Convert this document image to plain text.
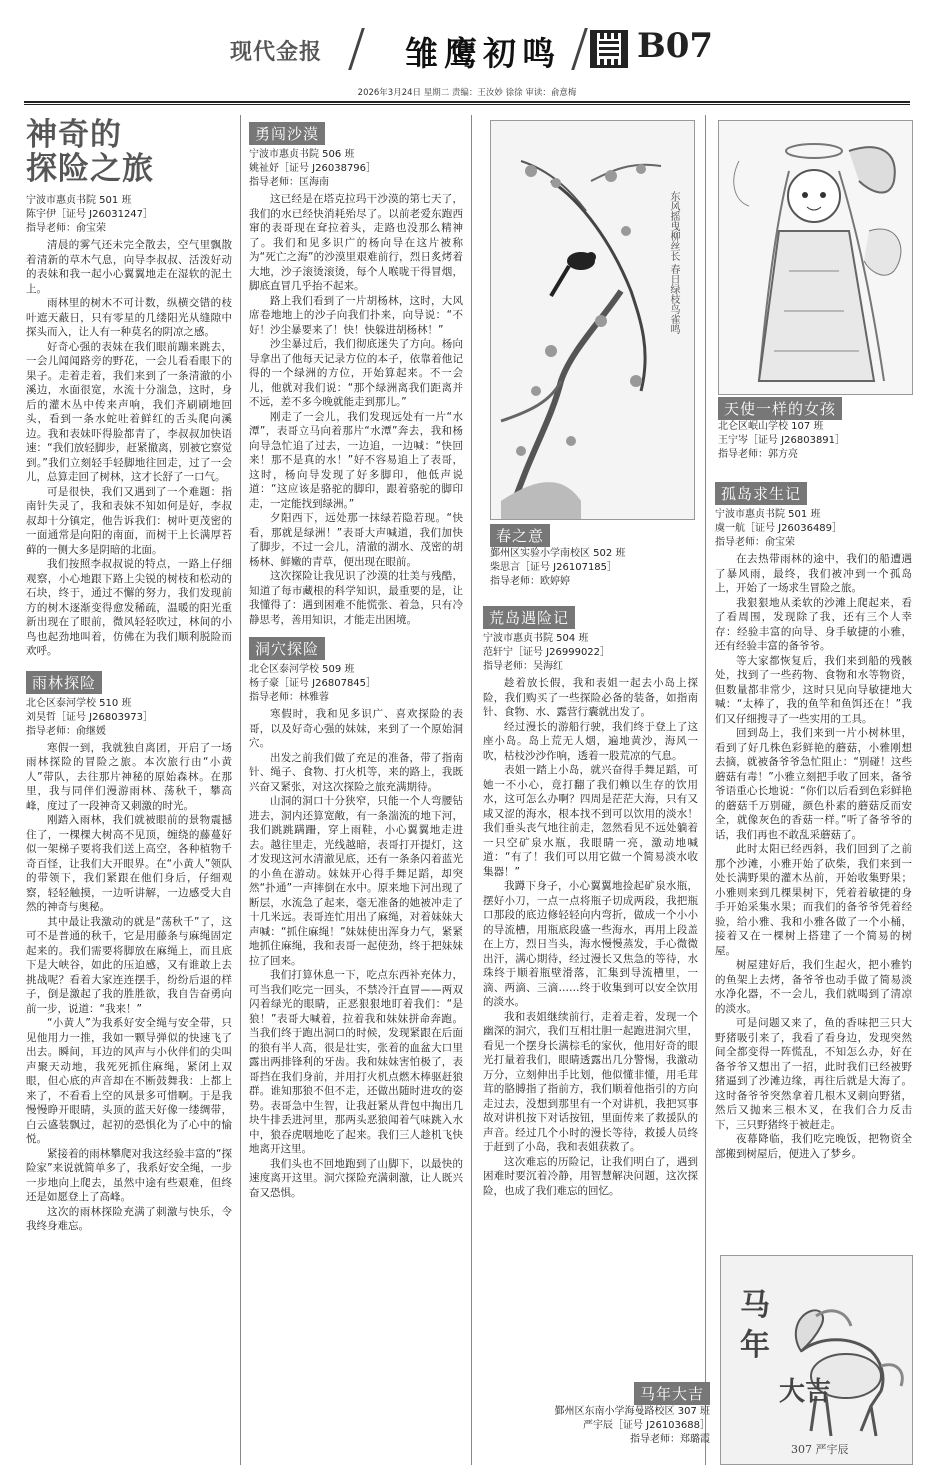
现代金报	雏鹰初鸣 B07
2026年3月24日 星期二 责编：王汝妙 徐徐 审读：俞意梅
神奇的
探险之旅
宁波市惠贞书院 501 班
陈宇伊［证号 J26031247］
指导老师：俞宝荣

清晨的雾气还未完全散去，空气里飘散着清新的草木气息，向导李叔叔、活泼好动的表妹和我一起小心翼翼地走在湿软的泥土上。

雨林里的树木不可计数，纵横交错的枝叶遮天蔽日，只有零星的几缕阳光从缝隙中探头而入，让人有一种莫名的阴凉之感。

好奇心强的表妹在我们眼前蹦来跳去，一会儿闻闻路旁的野花，一会儿看看眼下的果子。走着走着，我们来到了一条清澈的小溪边，水面很宽，水流十分湍急，这时，身后的灌木丛中传来声响，我们齐刷刷地回头，看到一条水蛇吐着鲜红的舌头爬向溪边。我和表妹吓得脸都青了，李叔叔加快语速：“我们放轻脚步，赶紧撤离，别被它察觉到。”我们立刻轻手轻脚地往回走，过了一会儿，总算走回了树林，这才长舒了一口气。

可是很快，我们又遇到了一个难题：指南针失灵了，我和表妹不知如何是好，李叔叔却十分镇定，他告诉我们：树叶更茂密的一面通常是向阳的南面，而树干上长满厚苔藓的一侧大多是阴暗的北面。

我们按照李叔叔说的特点，一路上仔细观察，小心地跟下路上尖锐的树枝和松动的石块，终于，通过不懈的努力，我们发现前方的树木逐渐变得愈发稀疏，温暖的阳光重新出现在了眼前，微风轻轻吹过，林间的小鸟也起劲地叫着，仿佛在为我们顺利脱险而欢呼。

雨林探险
北仑区泰河学校 510 班
刘昊哲［证号 J26803973］
指导老师：俞继媛

寒假一到，我就独自离团，开启了一场雨林探险的冒险之旅。本次旅行由“小黄人”带队，去往那片神秘的原始森林。在那里，我与同伴们漫游雨林、荡秋千，攀高峰，度过了一段神奇又刺激的时光。

刚踏入雨林，我们就被眼前的景物震撼住了，一棵棵大树高不见顶，缠绕的藤蔓好似一架梯子要将我们送上高空，各种植物千奇百怪，让我们大开眼界。在“小黄人”领队的带领下，我们紧跟在他们身后，仔细观察，轻轻触摸，一边听讲解，一边感受大自然的神奇与奥秘。

其中最让我激动的就是“荡秋千”了，这可不是普通的秋千，它是用藤条与麻绳固定起来的。我们需要将脚放在麻绳上，而且底下是大峡谷，如此的压迫感，又有谁敢上去挑战呢？看着大家连连摆手，纷纷后退的样子，倒是激起了我的胜胜欲，我自告奋勇向前一步，说道：“我来！”

“小黄人”为我系好安全绳与安全带，只见他用力一推，我如一颗导弹似的快速飞了出去。瞬间，耳边的风声与小伙伴们的尖叫声聚天动地，我死死抓住麻绳，紧闭上双眼，但心底的声音却在不断鼓舞我：上都上来了，不看看上空的风景多可惜啊。于是我慢慢睁开眼睛，头顶的蓝天好像一缕绸带，白云盛装飘过，起初的恐惧化为了心中的愉悦。

紧接着的雨林攀爬对我这经验丰富的“探险家”来说就简单多了，我系好安全绳，一步一步地向上爬去，虽然中途有些艰难，但终还是如愿登上了高峰。

这次的雨林探险充满了刺激与快乐，令我终身难忘。

勇闯沙漠
宁波市惠贞书院 506 班
姚祉妤［证号 J26038796］
指导老师：匡海南

这已经是在塔克拉玛干沙漠的第七天了，我们的水已经快消耗殆尽了。以前老爱东跑西窜的表哥现在耷拉着头，走路也没那么精神了。我们和见多识广的杨向导在这片被称为“死亡之海”的沙漠里艰难前行，烈日炙烤着大地，沙子滚烫滚烫，每个人喉咙干得冒烟，脚底直冒几乎抬不起来。

路上我们看到了一片胡杨林，这时，大风席卷地地上的沙子向我们扑来，向导说：“不好！沙尘暴要来了！快！快躲进胡杨林！”

沙尘暴过后，我们彻底迷失了方向。杨向导拿出了他每天记录方位的本子，依靠着他记得的一个绿洲的方位，开始算起来。不一会儿，他就对我们说：“那个绿洲离我们距离并不远，差不多今晚就能走到那儿。”

刚走了一会儿，我们发现远处有一片“水潭”，表哥立马向着那片“水潭”奔去，我和杨向导急忙追了过去，一边追，一边喊：“快回来！那不是真的水！”好不容易追上了表哥，这时，杨向导发现了好多脚印，他低声说道：“这应该是骆驼的脚印，跟着骆驼的脚印走，一定能找到绿洲。”

夕阳西下，远处那一抹绿若隐若现。“快看，那就是绿洲！”表哥大声喊道，我们加快了脚步，不过一会儿，清澈的湖水、茂密的胡杨林、鲜嫩的青草，便出现在眼前。

这次探险让我见识了沙漠的壮美与残酷，知道了每市藏根的科学知识，最重要的是，让我懂得了：遇到困难不能慌张、着急，只有冷静思考，善用知识，才能走出困境。

洞穴探险
北仑区泰河学校 509 班
杨子豪［证号 J26807845］
指导老师：林雅蓉

寒假时，我和见多识广、喜欢探险的表哥，以及好奇心强的妹妹，来到了一个原始洞穴。

出发之前我们做了充足的准备，带了指南针、绳子、食物、打火机等，来的路上，我既兴奋又紧张，对这次探险之旅充满期待。

山洞的洞口十分狭窄，只能一个人弯腰钻进去，洞内还算宽敞，有一条湍流的地下河，我们跳跳蹒跚，穿上雨鞋，小心翼翼地走进去。越往里走，光线越暗，表哥打开提灯，这才发现这河水清澈见底，还有一条条闪着蓝光的小鱼在游动。妹妹开心得手舞足蹈，却突然“扑通”一声摔倒在水中。原来地下河出现了断层，水流急了起来，毫无准备的她被冲走了十几米远。表哥连忙用出了麻绳，对着妹妹大声喊：“抓住麻绳！”妹妹使出浑身力气，紧紧地抓住麻绳，我和表哥一起使劲，终于把妹妹拉了回来。

我们打算休息一下，吃点东西补充体力，可当我们吃完一回头，不禁冷汗直冒——两双闪着绿光的眼睛，正恶狠狠地盯着我们：“是狼！”表哥大喊着，拉着我和妹妹拼命奔跑。当我们终于跑出洞口的时候，发现紧跟在后面的狼有半人高，很是壮实，张着的血盆大口里露出两排锋利的牙齿。我和妹妹害怕极了，表哥挡在我们身前，并用打火机点燃木棒驱赶狼群。谁知那狼不但不走，还做出随时进攻的姿势。表哥急中生智，让我赶紧从背包中掏出几块牛排丢进河里，那两头恶狼闻着气味跳入水中，狼吞虎咽地吃了起来。我们三人趁机飞快地离开这里。

我们头也不回地跑到了山脚下，以最快的速度离开这里。洞穴探险充满刺激，让人既兴奋又恐惧。

东风摇曳柳丝长 春日绿枝鸟雀鸣
春之意
鄞州区实验小学南校区 502 班
柴思言［证号 J26107185］
指导老师：欧婷婷
荒岛遇险记
宁波市惠贞书院 504 班
范轩宁［证号 J26999022］
指导老师：吴海红

趁着放长假，我和表姐一起去小岛上探险，我们购买了一些探险必备的装备，如指南针、食物、水、露营行囊就出发了。

经过漫长的游船行驶，我们终于登上了这座小岛。岛上荒无人烟，遍地黄沙，海风一吹，枯枝沙沙作响，透着一股荒凉的气息。

表姐一踏上小岛，就兴奋得手舞足蹈，可她一不小心，竟打翻了我们赖以生存的饮用水，这可怎么办啊？四周是茫茫大海，只有又咸又涩的海水，根本找不到可以饮用的淡水！我们垂头丧气地往前走，忽然看见不远处躺着一只空矿泉水瓶，我眼睛一亮，激动地喊道：“有了！我们可以用它做一个简易淡水收集器！”

我蹲下身子，小心翼翼地捡起矿泉水瓶，摆好小刀，一点一点将瓶子切成两段，我把瓶口那段的底边修轻轻向内弯折，做成一个小小的导流槽，用瓶底段盛一些海水，再用上段盖在上方，烈日当头，海水慢慢蒸发，手心微微出汗，满心期待，经过漫长又焦急的等待，水珠终于顺着瓶壁滑落，汇集到导流槽里，一滴、两滴、三滴……终于收集到可以安全饮用的淡水。

我和表姐继续前行，走着走着，发现一个幽深的洞穴，我们互相壮胆一起跑进洞穴里，看见一个摆身长满棕毛的家伙，他用好奇的眼光打量着我们，眼睛透露出几分警惕，我激动万分，立刻伸出手比划，他似懂非懂，用毛茸茸的胳膊指了指前方，我们顺着他指引的方向走过去，没想到那里有一个对讲机，我把冥事故对讲机按下对话按钮，里面传来了救援队的声音。经过几个小时的漫长等待，救援人员终于赶到了小岛，我和表姐获救了。

这次难忘的历险记，让我们明白了，遇到困难时要沉着冷静，用智慧解决问题，这次探险，也成了我们难忘的回忆。

马年大吉
鄞州区东南小学海曼路校区 307 班
严宇辰［证号 J26103688］
指导老师：郑璐霞
天使一样的女孩
北仑区岷山学校 107 班
王宁岑［证号 J26803891］
指导老师：郭方亮
孤岛求生记
宁波市惠贞书院 501 班
虞一航［证号 J26036489］
指导老师：俞宝荣

在去热带雨林的途中，我们的船遭遇了暴风雨，最终，我们被冲到一个孤岛上，开始了一场求生冒险之旅。

我狠狠地从柔软的沙滩上爬起来，看了看周围，发现除了我，还有三个人幸存：经验丰富的向导、身手敏捷的小雅，还有经验丰富的备爷爷。

等大家都恢复后，我们来到船的残骸处，找到了一些药物、食物和水等物资，但数量都非常少，这时只见向导敏捷地大喊：“太棒了，我的鱼竿和鱼饵还在！”我们又仔细搜寻了一些实用的工具。

回到岛上，我们来到一片小树林里，看到了好几株色彩鲜艳的蘑菇，小雅刚想去摘，就被备爷爷急忙阻止：“别碰！这些蘑菇有毒！”小雅立刻把手收了回来，备爷爷语重心长地说：“你们以后看到色彩鲜艳的蘑菇千万别碰，颜色朴素的蘑菇反而安全，就像灰色的香菇一样。”听了备爷爷的话，我们再也不敢乱采蘑菇了。

此时太阳已经西斜，我们回到了之前那个沙滩，小雅开始了砍柴，我们来到一处长满野果的灌木丛前，开始收集野果；小雅则来到几棵果树下，凭着着敏捷的身手开始采集水果；而我们的备爷爷凭着经验，给小雅、我和小雅各做了一个小桶，接着又在一棵树上搭建了一个简易的树屋。

树屋建好后，我们生起火，把小雅钓的鱼架上去烤，备爷爷也动手做了简易淡水净化器，不一会儿，我们就喝到了清凉的淡水。

可是问题又来了，鱼的香味把三只大野猪吸引来了，我看了看身边，发现突然间全都变得一阵慌乱，不知怎么办，好在备爷爷又想出了一招，此时我们已经被野猪逼到了沙滩边缘，再往后就是大海了。这时备爷爷突然拿着几根木叉刺向野猪，然后又抛来三根木叉，在我们合力反击下，三只野猪终于被赶走。

夜幕降临，我们吃完晚饭，把物资全部搬到树屋后，便进入了梦乡。

马
年
大吉
307 严宇辰
